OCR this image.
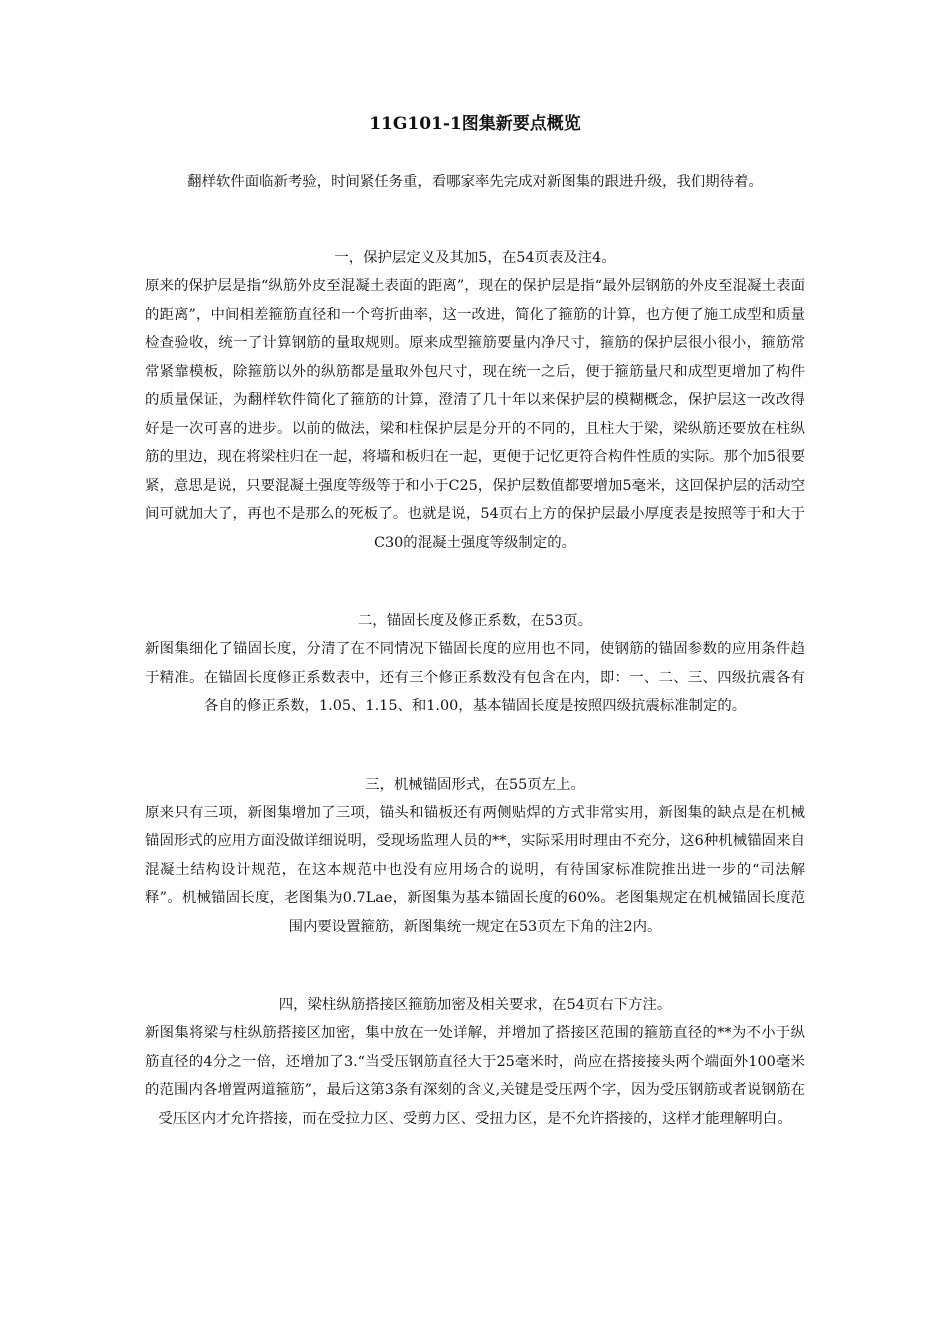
11G101-1图集新要点概览

翻样软件面临新考验，时间紧任务重，看哪家率先完成对新图集的跟进升级，我们期待着。

一，保护层定义及其加5，在54页表及注4。

原来的保护层是指“纵筋外皮至混凝土表面的距离”，现在的保护层是指“最外层钢筋的外皮至混凝土表面的距离”，中间相差箍筋直径和一个弯折曲率，这一改进，简化了箍筋的计算，也方便了施工成型和质量检查验收，统一了计算钢筋的量取规则。原来成型箍筋要量内净尺寸，箍筋的保护层很小很小，箍筋常常紧靠模板，除箍筋以外的纵筋都是量取外包尺寸，现在统一之后，便于箍筋量尺和成型更增加了构件的质量保证，为翻样软件简化了箍筋的计算，澄清了几十年以来保护层的模糊概念，保护层这一改改得好是一次可喜的进步。以前的做法，梁和柱保护层是分开的不同的，且柱大于梁，梁纵筋还要放在柱纵筋的里边，现在将梁柱归在一起，将墙和板归在一起，更便于记忆更符合构件性质的实际。那个加5很要紧，意思是说，只要混凝土强度等级等于和小于C25，保护层数值都要增加5毫米，这回保护层的活动空间可就加大了，再也不是那么的死板了。也就是说，54页右上方的保护层最小厚度表是按照等于和大于C30的混凝土强度等级制定的。

二，锚固长度及修正系数，在53页。

新图集细化了锚固长度，分清了在不同情况下锚固长度的应用也不同，使钢筋的锚固参数的应用条件趋于精准。在锚固长度修正系数表中，还有三个修正系数没有包含在内，即：一、二、三、四级抗震各有各自的修正系数，1.05、1.15、和1.00，基本锚固长度是按照四级抗震标准制定的。

三，机械锚固形式，在55页左上。

原来只有三项，新图集增加了三项，锚头和锚板还有两侧贴焊的方式非常实用，新图集的缺点是在机械锚固形式的应用方面没做详细说明，受现场监理人员的**，实际采用时理由不充分，这6种机械锚固来自混凝土结构设计规范，在这本规范中也没有应用场合的说明，有待国家标准院推出进一步的“司法解释”。机械锚固长度，老图集为0.7Lae，新图集为基本锚固长度的60%。老图集规定在机械锚固长度范围内要设置箍筋，新图集统一规定在53页左下角的注2内。

四，梁柱纵筋搭接区箍筋加密及相关要求，在54页右下方注。

新图集将梁与柱纵筋搭接区加密，集中放在一处详解，并增加了搭接区范围的箍筋直径的**为不小于纵筋直径的4分之一倍，还增加了3.“当受压钢筋直径大于25毫米时，尚应在搭接接头两个端面外100毫米的范围内各增置两道箍筋”，最后这第3条有深刻的含义,关键是受压两个字，因为受压钢筋或者说钢筋在受压区内才允许搭接，而在受拉力区、受剪力区、受扭力区，是不允许搭接的，这样才能理解明白。
